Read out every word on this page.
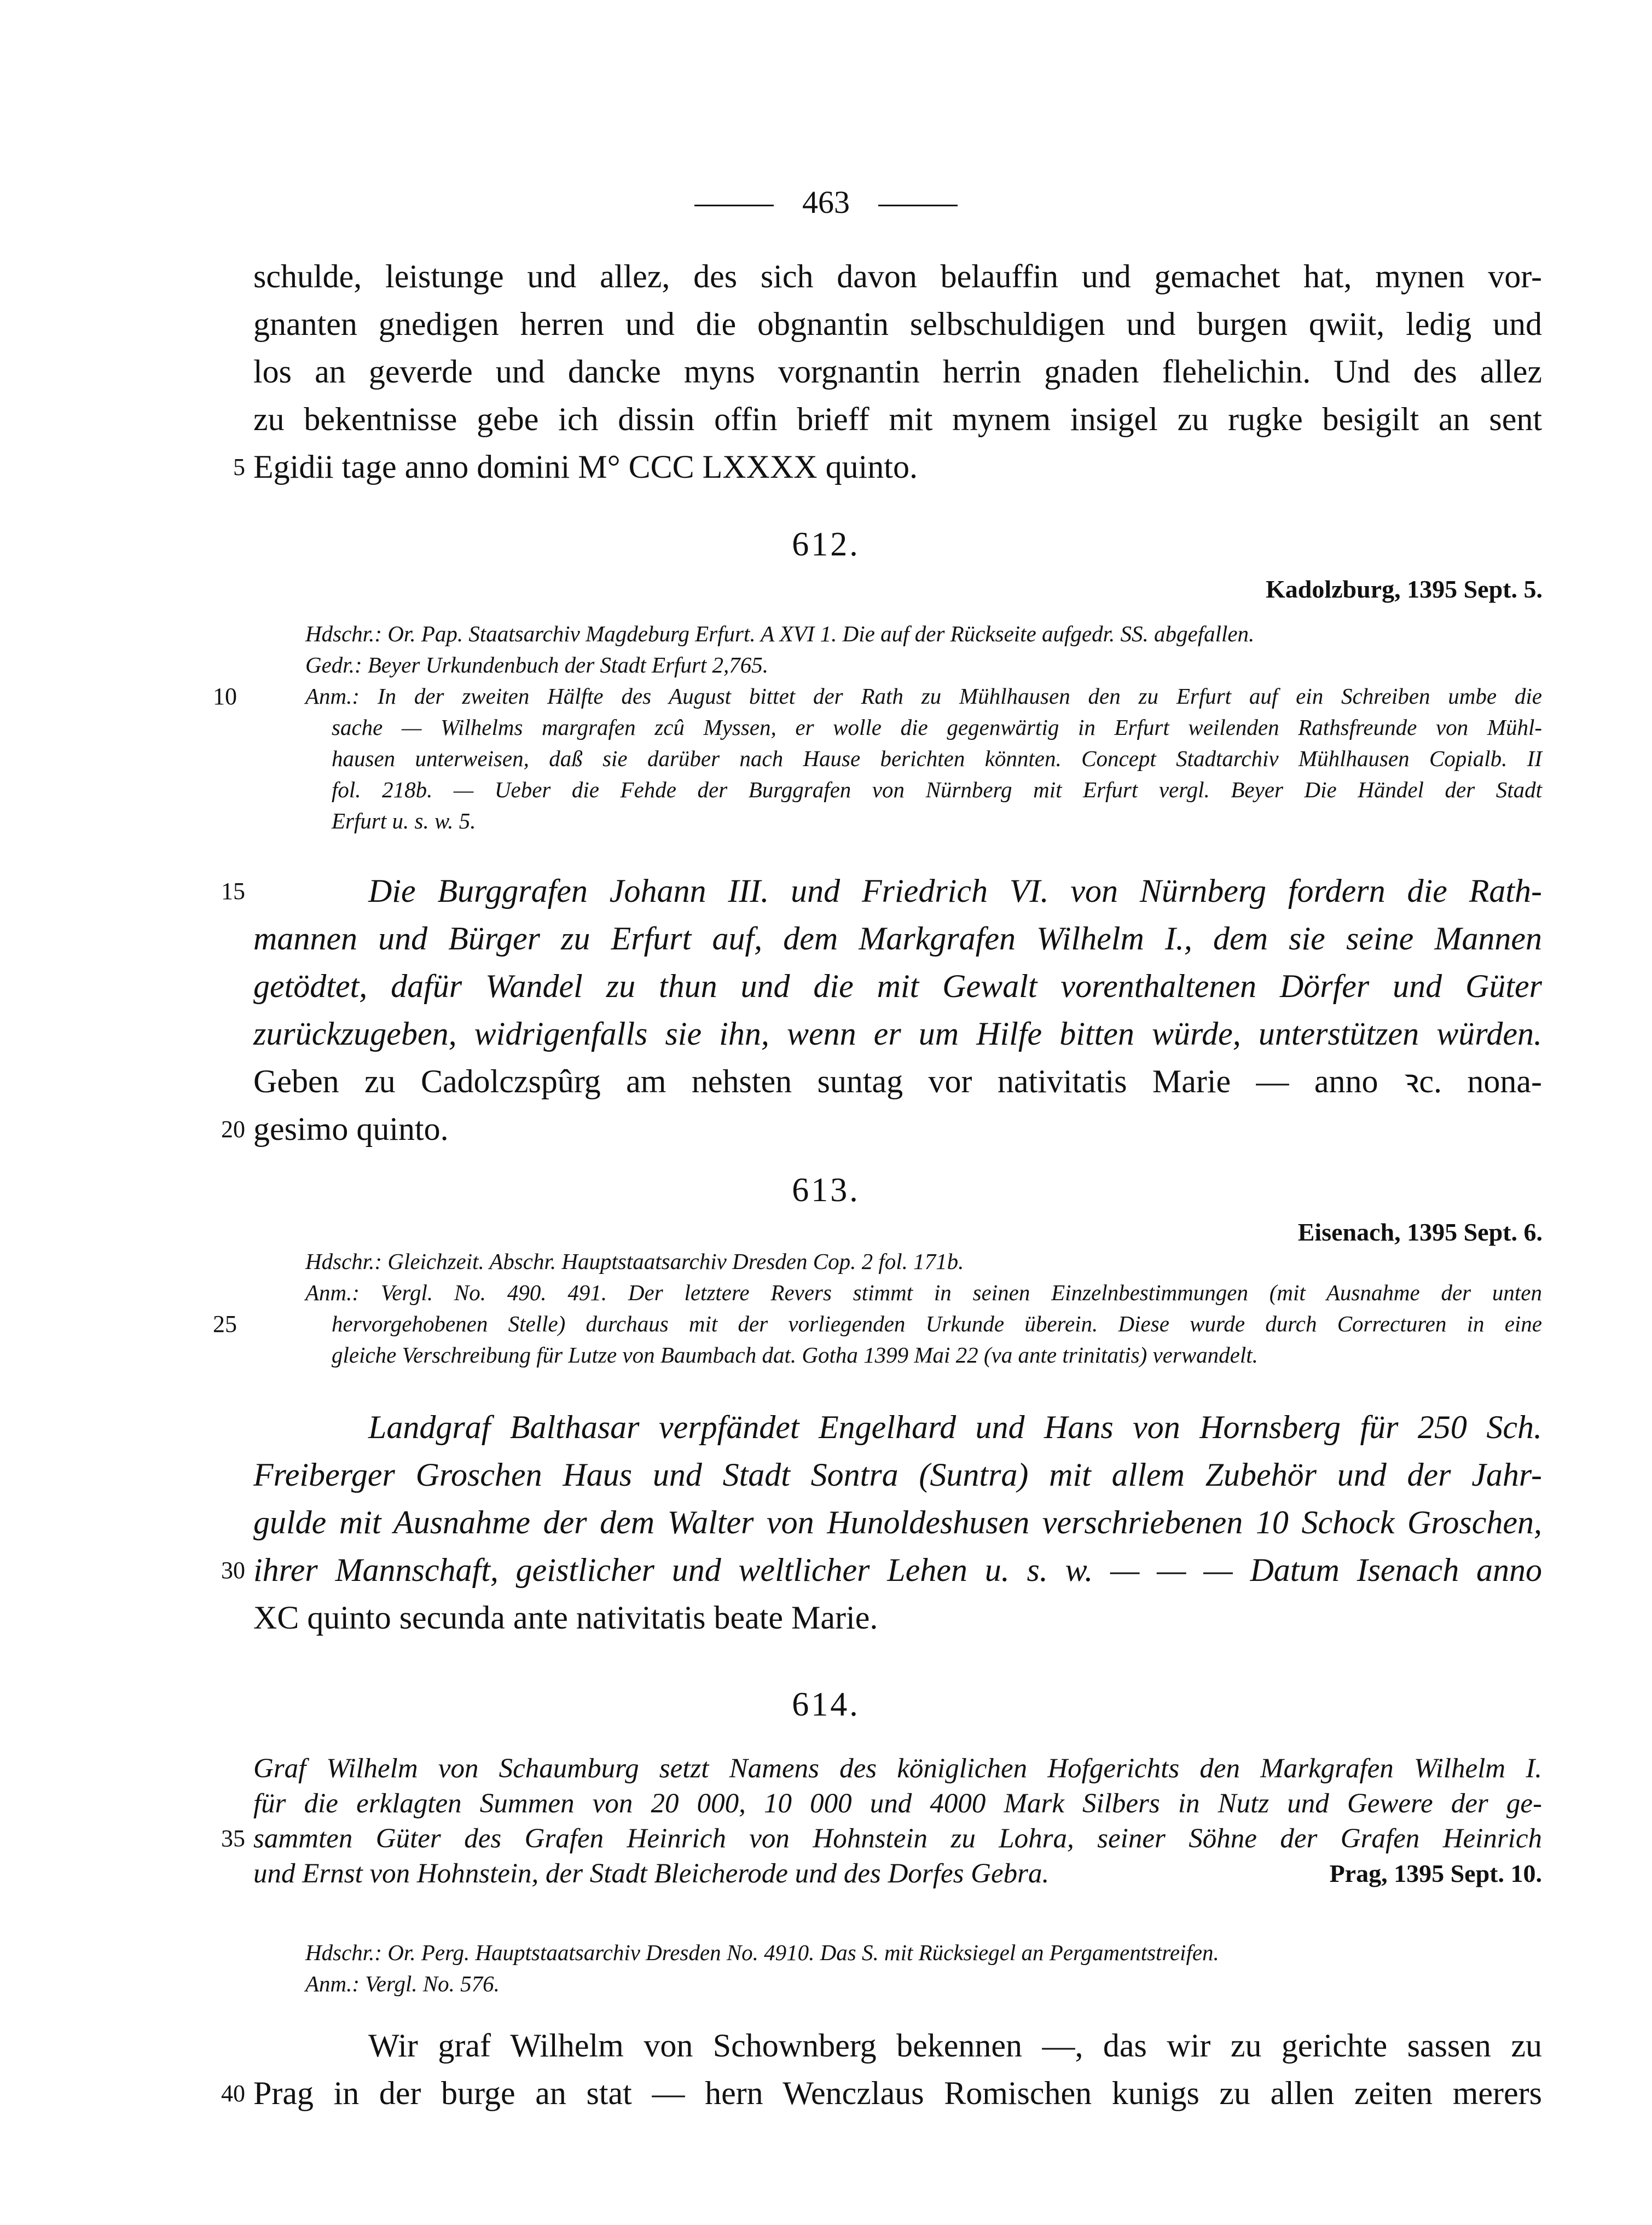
463
schulde, leistunge und allez, des sich davon belauffin und gemachet hat, mynen vor-
gnanten gnedigen herren und die obgnantin selbschuldigen und burgen qwiit, ledig und
los an geverde und dancke myns vorgnantin herrin gnaden flehelichin. Und des allez
zu bekentnisse gebe ich dissin offin brieff mit mynem insigel zu rugke besigilt an sent
5 Egidii tage anno domini M° CCC LXXXX quinto.
612.
Kadolzburg, 1395 Sept. 5.
Hdschr.: Or. Pap. Staatsarchiv Magdeburg Erfurt. A XVI 1. Die auf der Rückseite aufgedr. SS. abgefallen.
Gedr.: Beyer Urkundenbuch der Stadt Erfurt 2,765.
10	Anm.: In der zweiten Hälfte des August bittet der Rath zu Mühlhausen den zu Erfurt auf ein Schreiben umbe die
sache — Wilhelms margrafen zcû Myssen, er wolle die gegenwärtig in Erfurt weilenden Rathsfreunde von Mühl-
hausen unterweisen, daß sie darüber nach Hause berichten könnten. Concept Stadtarchiv Mühlhausen Copialb. II
fol. 218b. — Ueber die Fehde der Burggrafen von Nürnberg mit Erfurt vergl. Beyer Die Händel der Stadt
Erfurt u. s. w. 5.
15	Die Burggrafen Johann III. und Friedrich VI. von Nürnberg fordern die Rath-
mannen und Bürger zu Erfurt auf, dem Markgrafen Wilhelm I., dem sie seine Mannen
getödtet, dafür Wandel zu thun und die mit Gewalt vorenthaltenen Dörfer und Güter
zurückzugeben, widrigenfalls sie ihn, wenn er um Hilfe bitten würde, unterstützen würden.
Geben zu Cadolczspûrg am nehsten suntag vor nativitatis Marie — anno ꝛc. nona-
20 gesimo quinto.
613.
Eisenach, 1395 Sept. 6.
Hdschr.: Gleichzeit. Abschr. Hauptstaatsarchiv Dresden Cop. 2 fol. 171b.
Anm.: Vergl. No. 490. 491. Der letztere Revers stimmt in seinen Einzelnbestimmungen (mit Ausnahme der unten
25	hervorgehobenen Stelle) durchaus mit der vorliegenden Urkunde überein. Diese wurde durch Correcturen in eine
gleiche Verschreibung für Lutze von Baumbach dat. Gotha 1399 Mai 22 (va ante trinitatis) verwandelt.
Landgraf Balthasar verpfändet Engelhard und Hans von Hornsberg für 250 Sch.
Freiberger Groschen Haus und Stadt Sontra (Suntra) mit allem Zubehör und der Jahr-
gulde mit Ausnahme der dem Walter von Hunoldeshusen verschriebenen 10 Schock Groschen,
30 ihrer Mannschaft, geistlicher und weltlicher Lehen u. s. w. — — — Datum Isenach anno
XC quinto secunda ante nativitatis beate Marie.
614.
Graf Wilhelm von Schaumburg setzt Namens des königlichen Hofgerichts den Markgrafen Wilhelm I.
für die erklagten Summen von 20 000, 10 000 und 4000 Mark Silbers in Nutz und Gewere der ge-
35 sammten Güter des Grafen Heinrich von Hohnstein zu Lohra, seiner Söhne der Grafen Heinrich
Prag, 1395 Sept. 10.
und Ernst von Hohnstein, der Stadt Bleicherode und des Dorfes Gebra.
Hdschr.: Or. Perg. Hauptstaatsarchiv Dresden No. 4910. Das S. mit Rücksiegel an Pergamentstreifen.
Anm.: Vergl. No. 576.
Wir graf Wilhelm von Schownberg bekennen —, das wir zu gerichte sassen zu
40 Prag in der burge an stat — hern Wenczlaus Romischen kunigs zu allen zeiten merers
